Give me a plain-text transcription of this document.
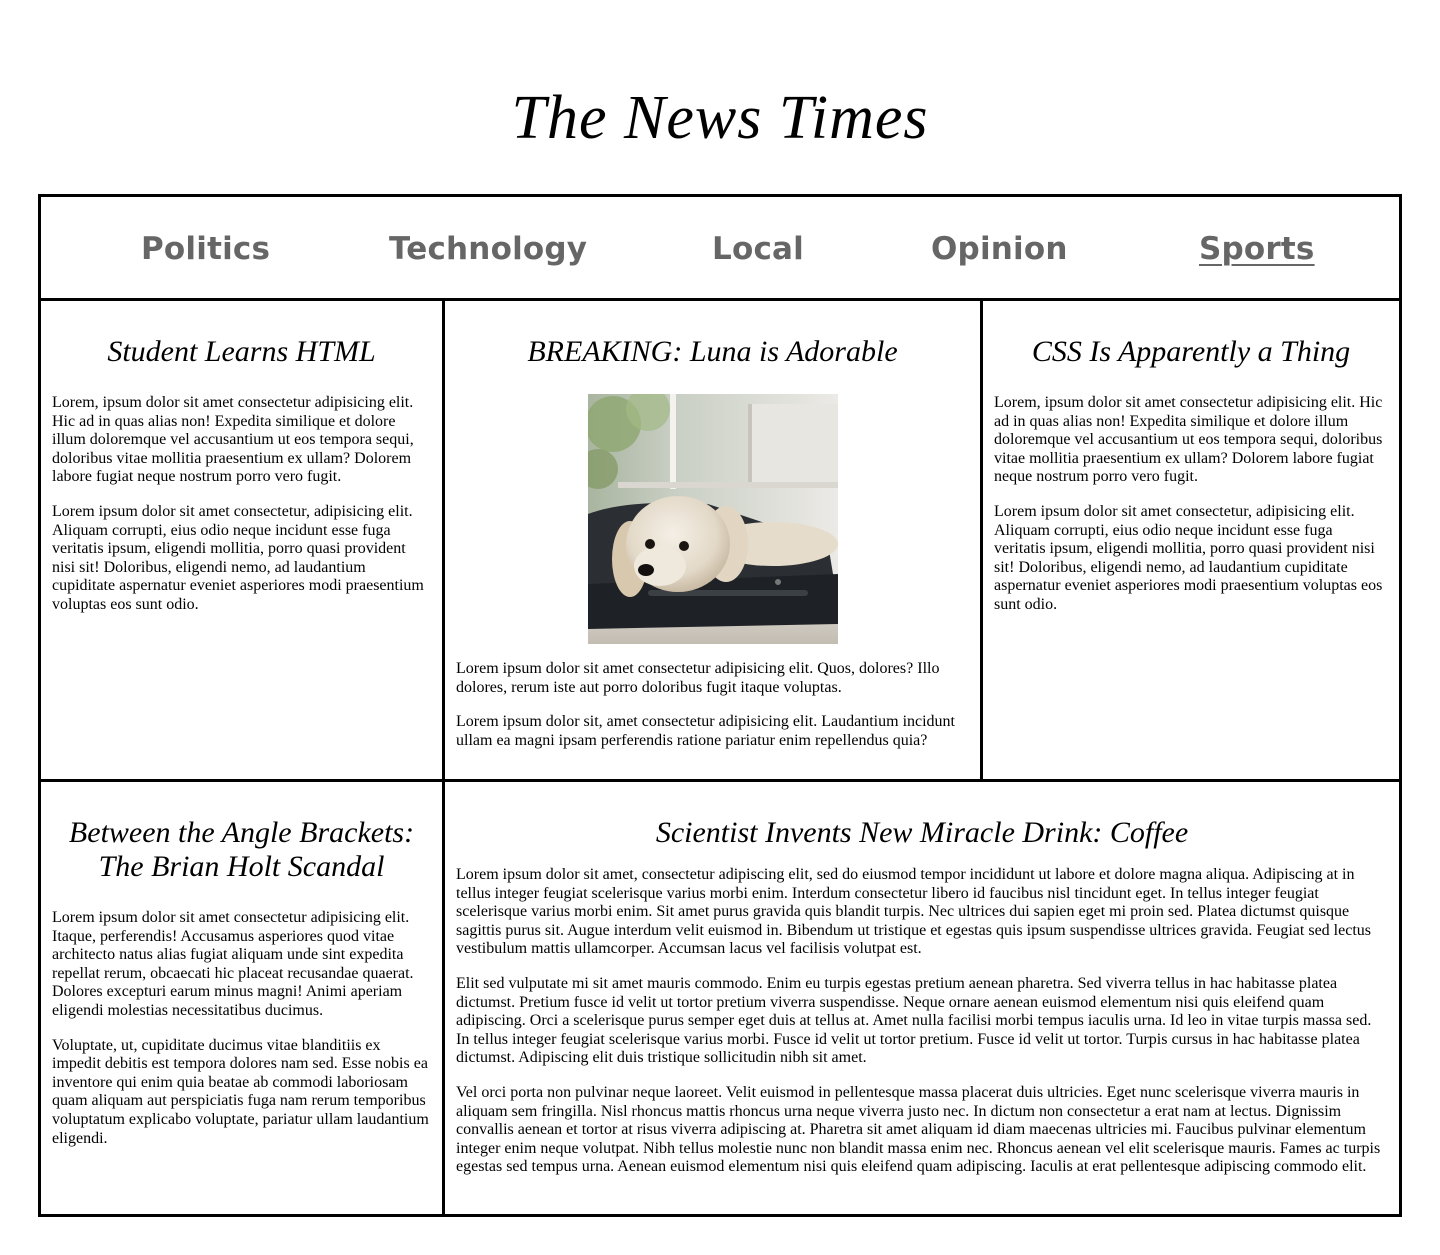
The News Times
Politics	Technology	Local	Opinion	Sports
Student Learns HTML

Lorem, ipsum dolor sit amet consectetur adipisicing elit. Hic ad in quas alias non! Expedita similique et dolore illum doloremque vel accusantium ut eos tempora sequi, doloribus vitae mollitia praesentium ex ullam? Dolorem labore fugiat neque nostrum porro vero fugit.

Lorem ipsum dolor sit amet consectetur, adipisicing elit. Aliquam corrupti, eius odio neque incidunt esse fuga veritatis ipsum, eligendi mollitia, porro quasi provident nisi sit! Doloribus, eligendi nemo, ad laudantium cupiditate aspernatur eveniet asperiores modi praesentium voluptas eos sunt odio.

BREAKING: Luna is Adorable

Lorem ipsum dolor sit amet consectetur adipisicing elit. Quos, dolores? Illo dolores, rerum iste aut porro doloribus fugit itaque voluptas.

Lorem ipsum dolor sit, amet consectetur adipisicing elit. Laudantium incidunt ullam ea magni ipsam perferendis ratione pariatur enim repellendus quia?

CSS Is Apparently a Thing

Lorem, ipsum dolor sit amet consectetur adipisicing elit. Hic ad in quas alias non! Expedita similique et dolore illum doloremque vel accusantium ut eos tempora sequi, doloribus vitae mollitia praesentium ex ullam? Dolorem labore fugiat neque nostrum porro vero fugit.

Lorem ipsum dolor sit amet consectetur, adipisicing elit. Aliquam corrupti, eius odio neque incidunt esse fuga veritatis ipsum, eligendi mollitia, porro quasi provident nisi sit! Doloribus, eligendi nemo, ad laudantium cupiditate aspernatur eveniet asperiores modi praesentium voluptas eos sunt odio.

Between the Angle Brackets:
The Brian Holt Scandal

Lorem ipsum dolor sit amet consectetur adipisicing elit. Itaque, perferendis! Accusamus asperiores quod vitae architecto natus alias fugiat aliquam unde sint expedita repellat rerum, obcaecati hic placeat recusandae quaerat. Dolores excepturi earum minus magni! Animi aperiam eligendi molestias necessitatibus ducimus.

Voluptate, ut, cupiditate ducimus vitae blanditiis ex impedit debitis est tempora dolores nam sed. Esse nobis ea inventore qui enim quia beatae ab commodi laboriosam quam aliquam aut perspiciatis fuga nam rerum temporibus voluptatum explicabo voluptate, pariatur ullam laudantium eligendi.

Scientist Invents New Miracle Drink: Coffee

Lorem ipsum dolor sit amet, consectetur adipiscing elit, sed do eiusmod tempor incididunt ut labore et dolore magna aliqua. Adipiscing at in tellus integer feugiat scelerisque varius morbi enim. Interdum consectetur libero id faucibus nisl tincidunt eget. In tellus integer feugiat scelerisque varius morbi enim. Sit amet purus gravida quis blandit turpis. Nec ultrices dui sapien eget mi proin sed. Platea dictumst quisque sagittis purus sit. Augue interdum velit euismod in. Bibendum ut tristique et egestas quis ipsum suspendisse ultrices gravida. Feugiat sed lectus vestibulum mattis ullamcorper. Accumsan lacus vel facilisis volutpat est.

Elit sed vulputate mi sit amet mauris commodo. Enim eu turpis egestas pretium aenean pharetra. Sed viverra tellus in hac habitasse platea dictumst. Pretium fusce id velit ut tortor pretium viverra suspendisse. Neque ornare aenean euismod elementum nisi quis eleifend quam adipiscing. Orci a scelerisque purus semper eget duis at tellus at. Amet nulla facilisi morbi tempus iaculis urna. Id leo in vitae turpis massa sed. In tellus integer feugiat scelerisque varius morbi. Fusce id velit ut tortor pretium. Fusce id velit ut tortor. Turpis cursus in hac habitasse platea dictumst. Adipiscing elit duis tristique sollicitudin nibh sit amet.

Vel orci porta non pulvinar neque laoreet. Velit euismod in pellentesque massa placerat duis ultricies. Eget nunc scelerisque viverra mauris in aliquam sem fringilla. Nisl rhoncus mattis rhoncus urna neque viverra justo nec. In dictum non consectetur a erat nam at lectus. Dignissim convallis aenean et tortor at risus viverra adipiscing at. Pharetra sit amet aliquam id diam maecenas ultricies mi. Faucibus pulvinar elementum integer enim neque volutpat. Nibh tellus molestie nunc non blandit massa enim nec. Rhoncus aenean vel elit scelerisque mauris. Fames ac turpis egestas sed tempus urna. Aenean euismod elementum nisi quis eleifend quam adipiscing. Iaculis at erat pellentesque adipiscing commodo elit.
